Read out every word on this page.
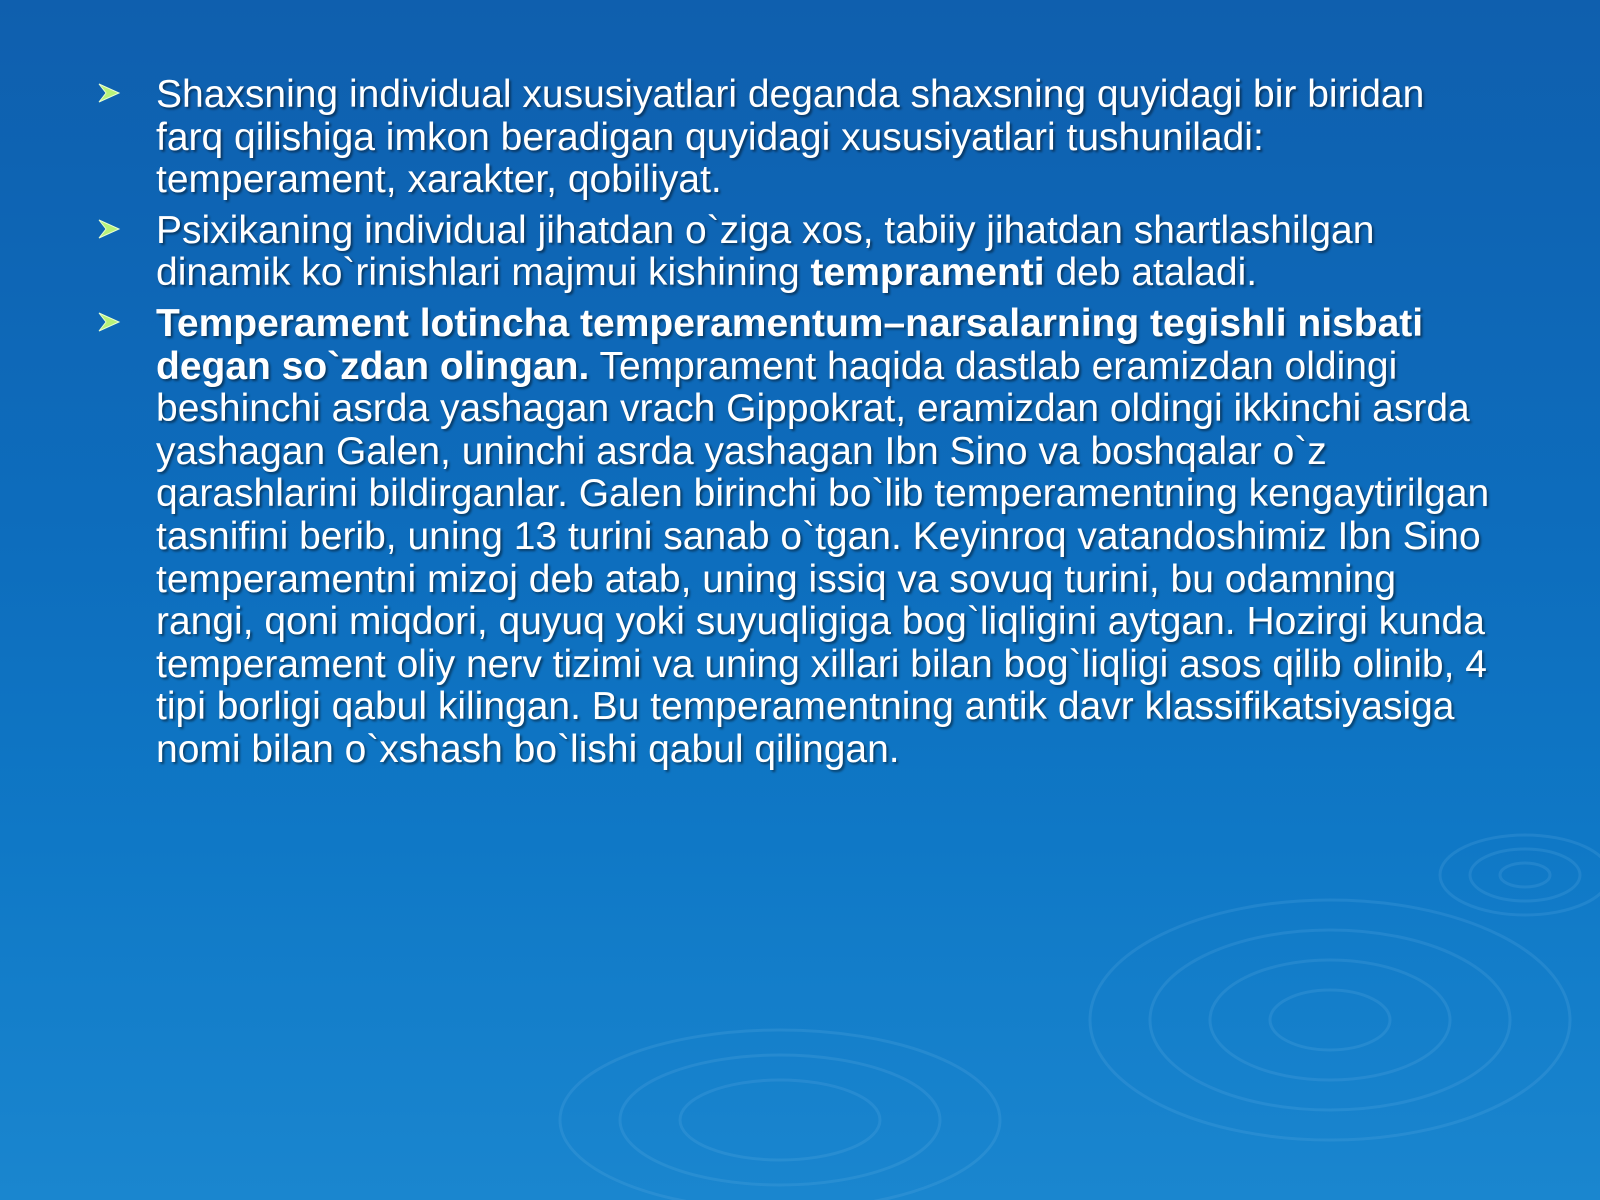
Shaxsning individual xususiyatlari deganda shaxsning quyidagi bir biridan farq qilishiga imkon beradigan quyidagi xususiyatlari tushuniladi: temperament, xarakter, qobiliyat.
Psixikaning individual jihatdan o`ziga xos, tabiiy jihatdan shartlashilgan dinamik ko`rinishlari majmui kishining tempramenti deb ataladi.
Temperament lotincha temperamentum–narsalarning tegishli nisbati degan so`zdan olingan. Temprament haqida dastlab eramizdan oldingi beshinchi asrda yashagan vrach Gippokrat, eramizdan oldingi ikkinchi asrda yashagan Galen, uninchi asrda yashagan Ibn Sino va boshqalar o`z qarashlarini bildirganlar. Galen birinchi bo`lib temperamentning kengaytirilgan tasnifini berib, uning 13 turini sanab o`tgan. Keyinroq vatandoshimiz Ibn Sino temperamentni mizoj deb atab, uning issiq va sovuq turini, bu odamning rangi, qoni miqdori, quyuq yoki suyuqligiga bog`liqligini aytgan. Hozirgi kunda temperament oliy nerv tizimi va uning xillari bilan bog`liqligi asos qilib olinib, 4 tipi borligi qabul kilingan. Bu temperamentning antik davr klassifikatsiyasiga nomi bilan o`xshash bo`lishi qabul qilingan.
